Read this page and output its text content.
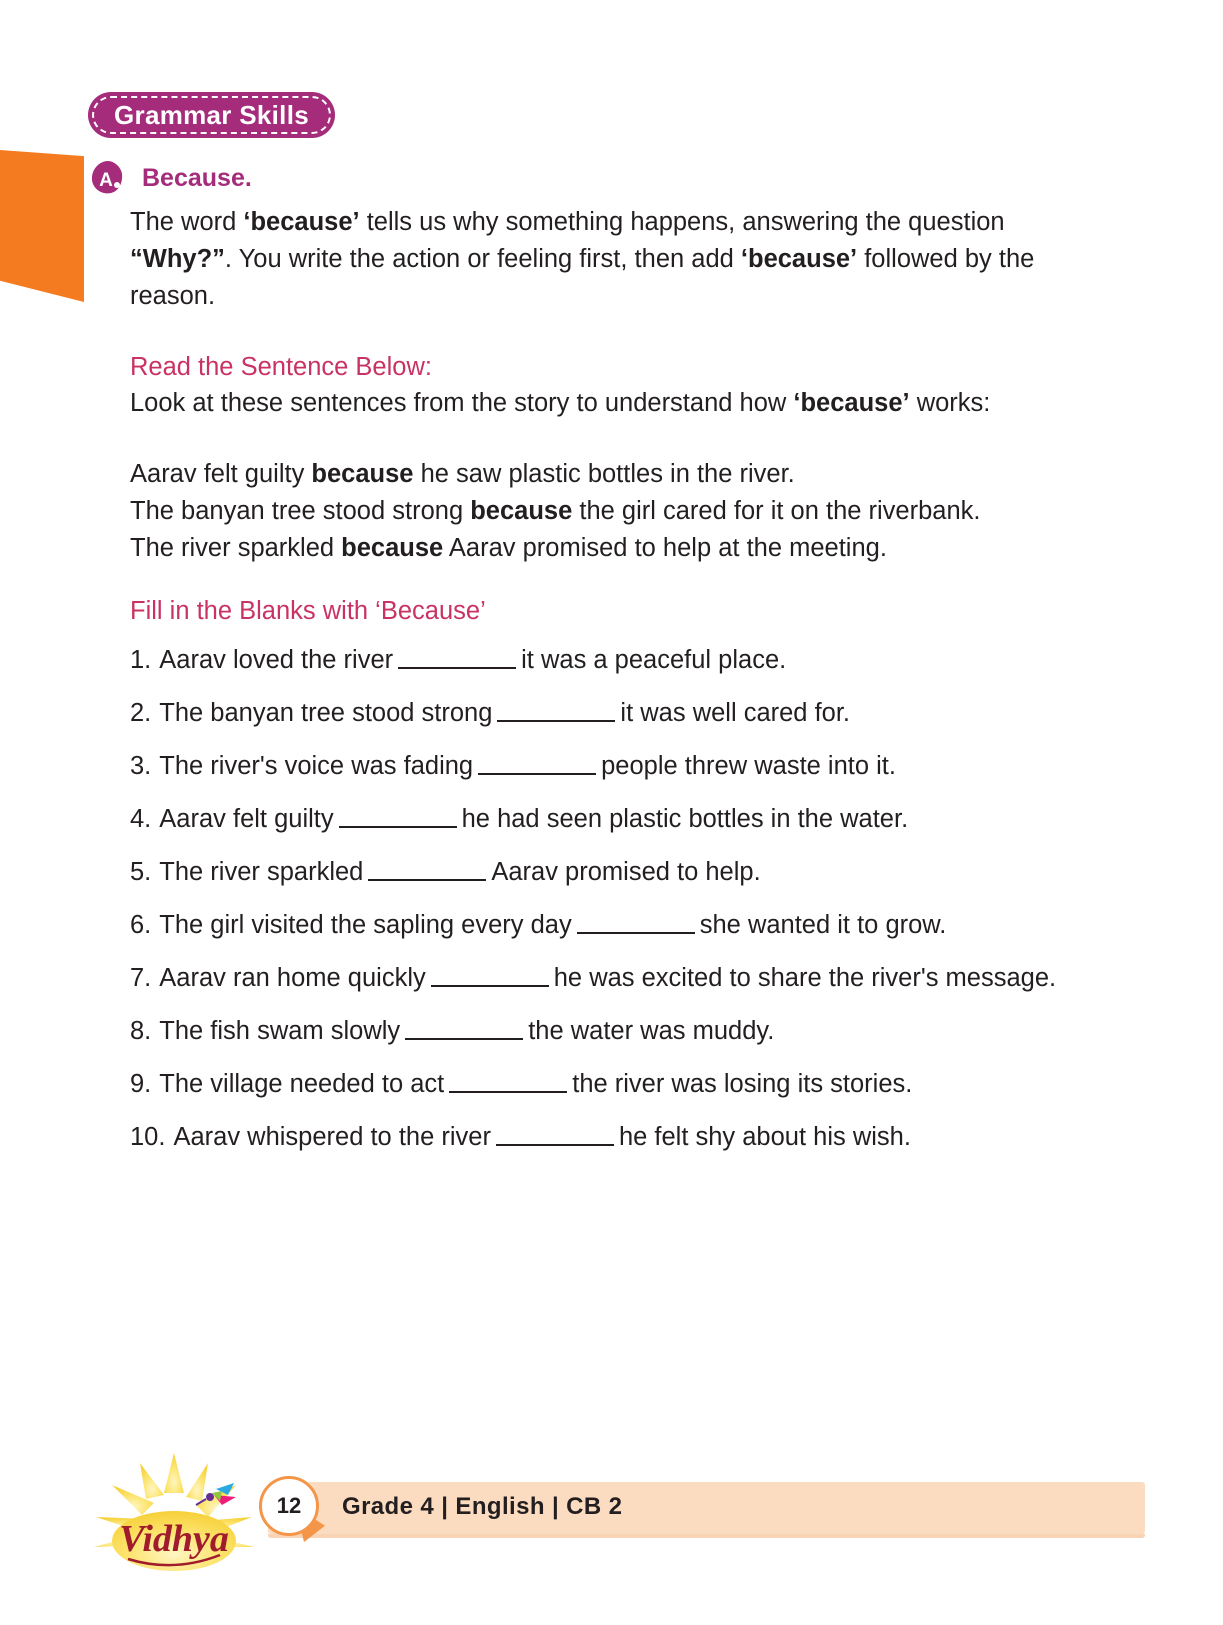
Grammar Skills
A Because.

The word ‘because’ tells us why something happens, answering the question “Why?”. You write the action or feeling first, then add ‘because’ followed by the reason.

Read the Sentence Below:

Look at these sentences from the story to understand how ‘because’ works:

Aarav felt guilty because he saw plastic bottles in the river.

The banyan tree stood strong because the girl cared for it on the riverbank.

The river sparkled because Aarav promised to help at the meeting.

Fill in the Blanks with ‘Because’
1. Aarav loved the river	it was a peaceful place.
2. The banyan tree stood strong	it was well cared for.
3. The river's voice was fading	people threw waste into it.
4. Aarav felt guilty	he had seen plastic bottles in the water.
5. The river sparkled	Aarav promised to help.
6. The girl visited the sapling every day	she wanted it to grow.
7. Aarav ran home quickly	he was excited to share the river's message.
8. The fish swam slowly	the water was muddy.
9. The village needed to act	the river was losing its stories.
10. Aarav whispered to the river	he felt shy about his wish.
Grade 4 | English | CB 2
12
Vidhya
